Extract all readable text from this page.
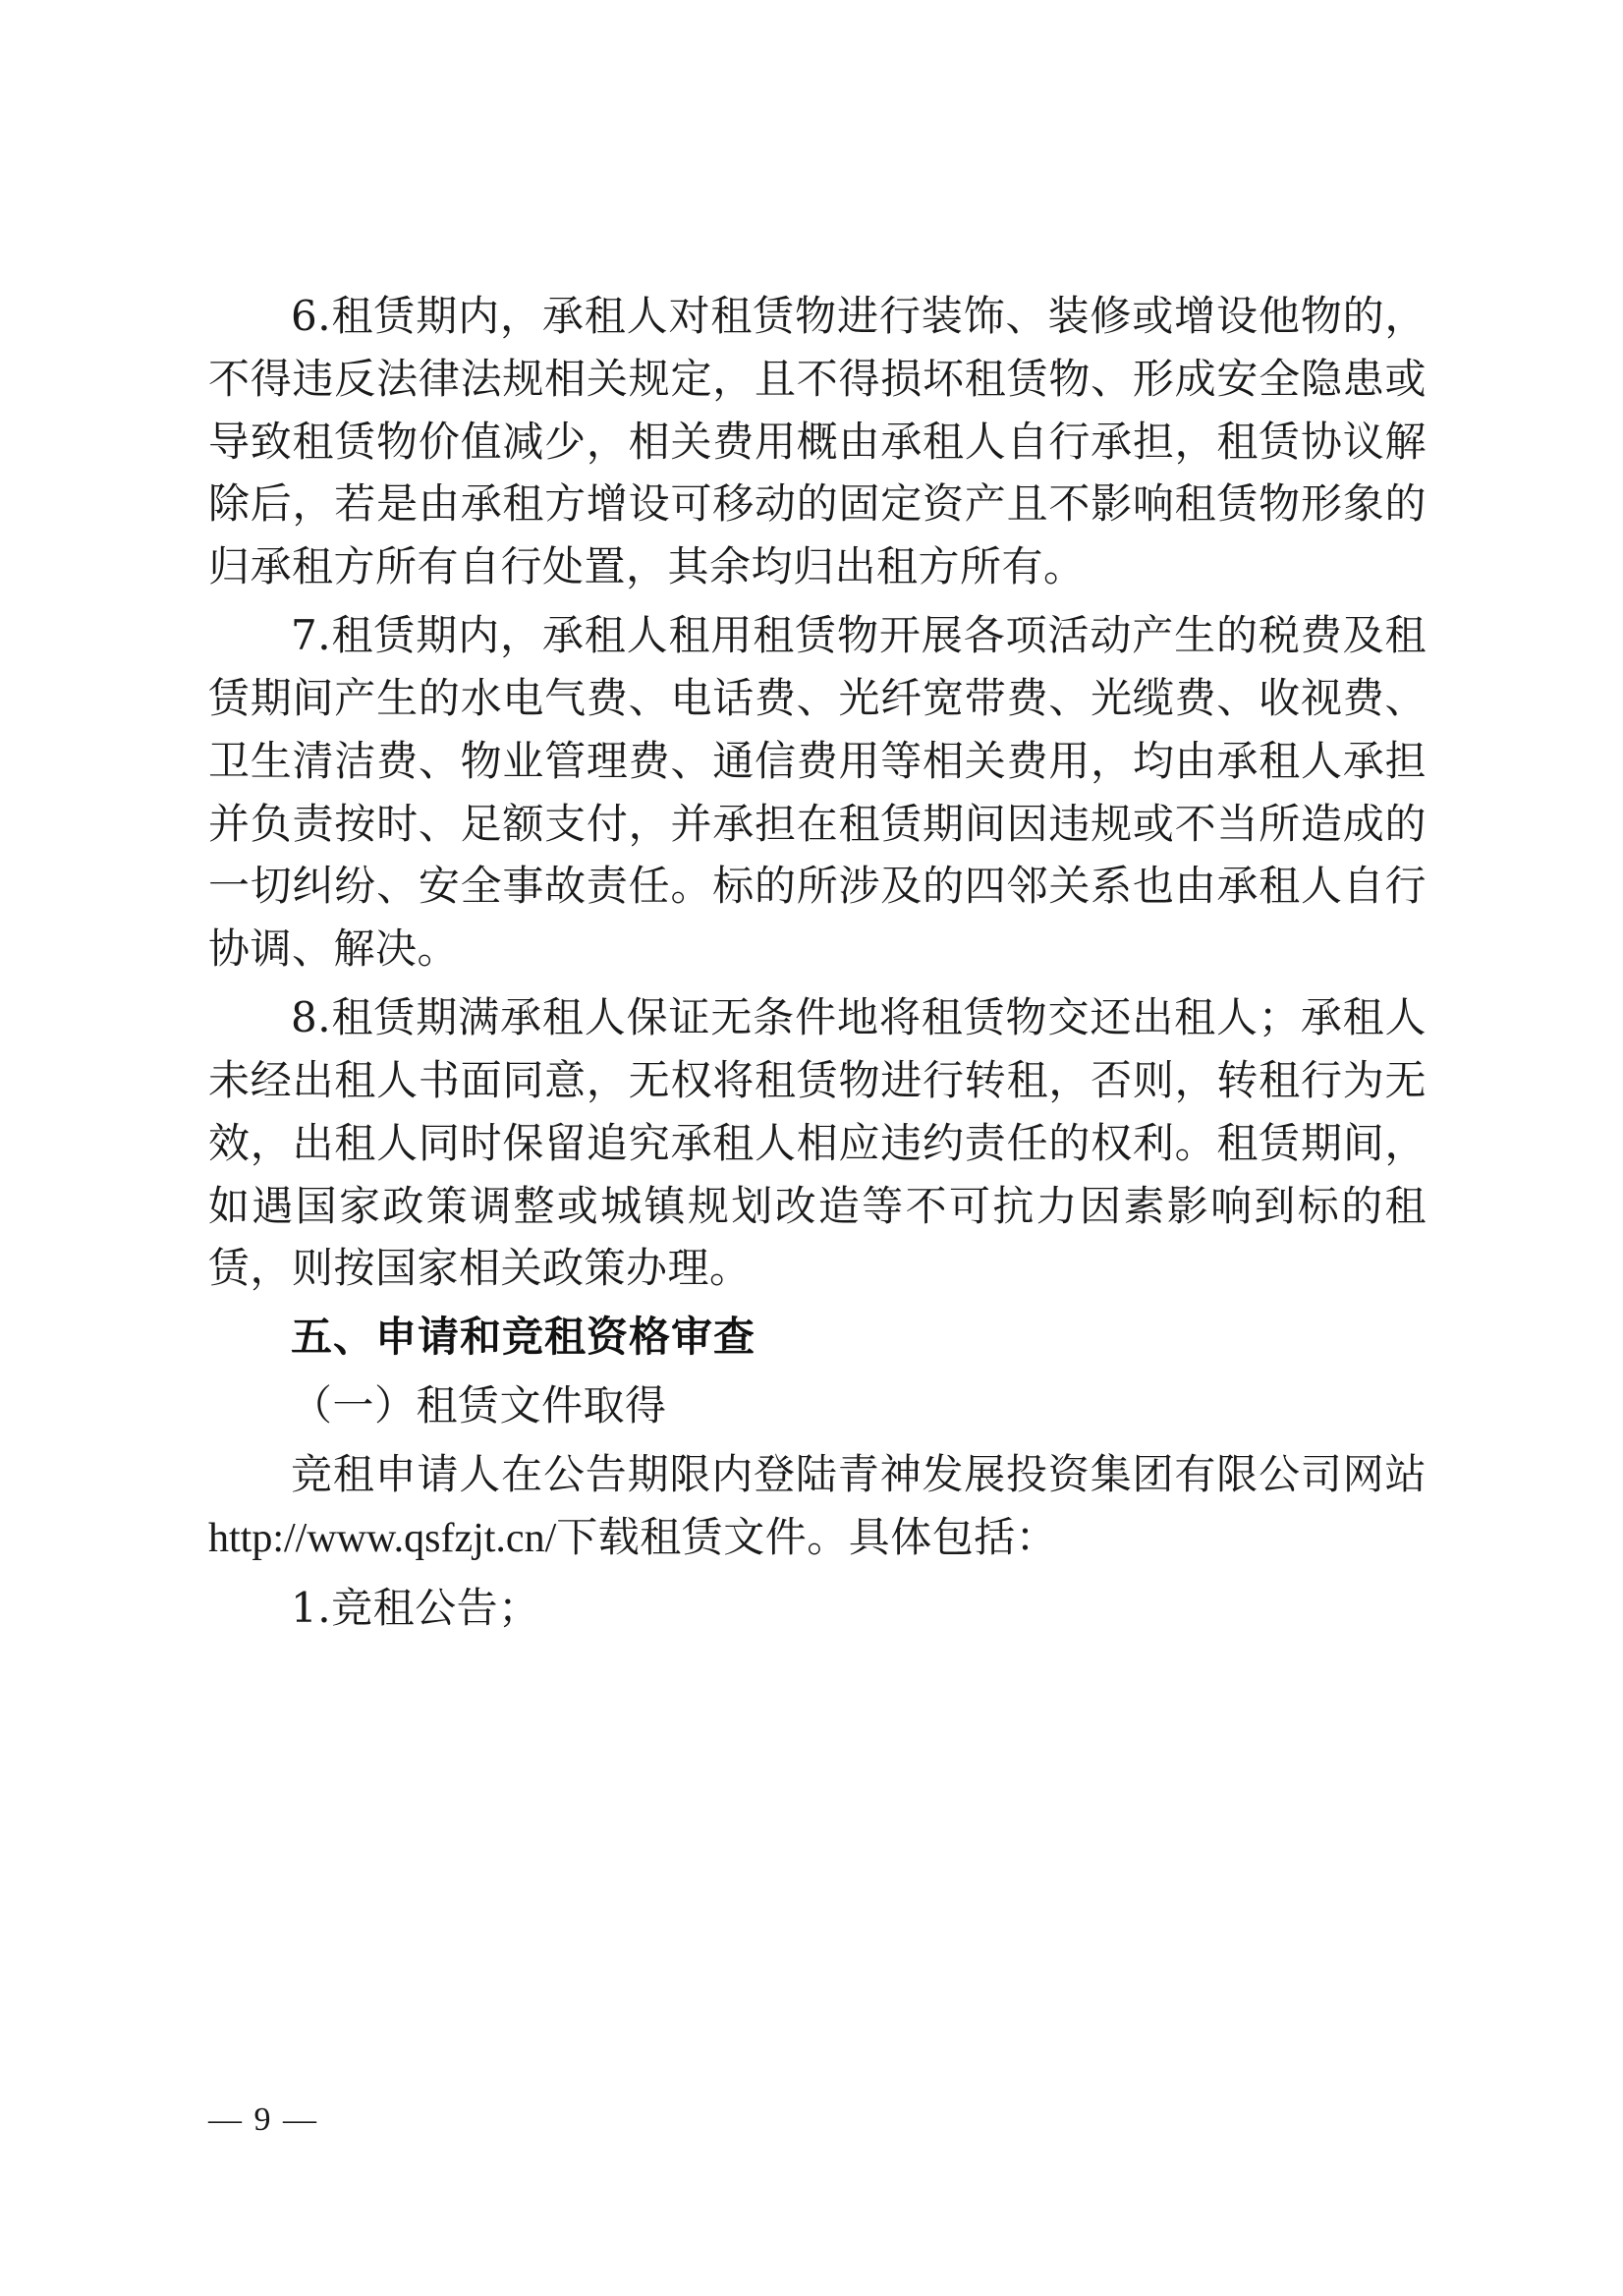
6.租赁期内，承租人对租赁物进行装饰、装修或增设他物的，不得违反法律法规相关规定，且不得损坏租赁物、形成安全隐患或导致租赁物价值减少，相关费用概由承租人自行承担，租赁协议解除后，若是由承租方增设可移动的固定资产且不影响租赁物形象的归承租方所有自行处置，其余均归出租方所有。

7.租赁期内，承租人租用租赁物开展各项活动产生的税费及租赁期间产生的水电气费、电话费、光纤宽带费、光缆费、收视费、卫生清洁费、物业管理费、通信费用等相关费用，均由承租人承担并负责按时、足额支付，并承担在租赁期间因违规或不当所造成的一切纠纷、安全事故责任。标的所涉及的四邻关系也由承租人自行协调、解决。

8.租赁期满承租人保证无条件地将租赁物交还出租人；承租人未经出租人书面同意，无权将租赁物进行转租，否则，转租行为无效，出租人同时保留追究承租人相应违约责任的权利。租赁期间，如遇国家政策调整或城镇规划改造等不可抗力因素影响到标的租赁，则按国家相关政策办理。

五、申请和竞租资格审查

（一）租赁文件取得

竞租申请人在公告期限内登陆青神发展投资集团有限公司网站 http://www.qsfzjt.cn/下载租赁文件。具体包括：

1.竞租公告；

— 9 —
